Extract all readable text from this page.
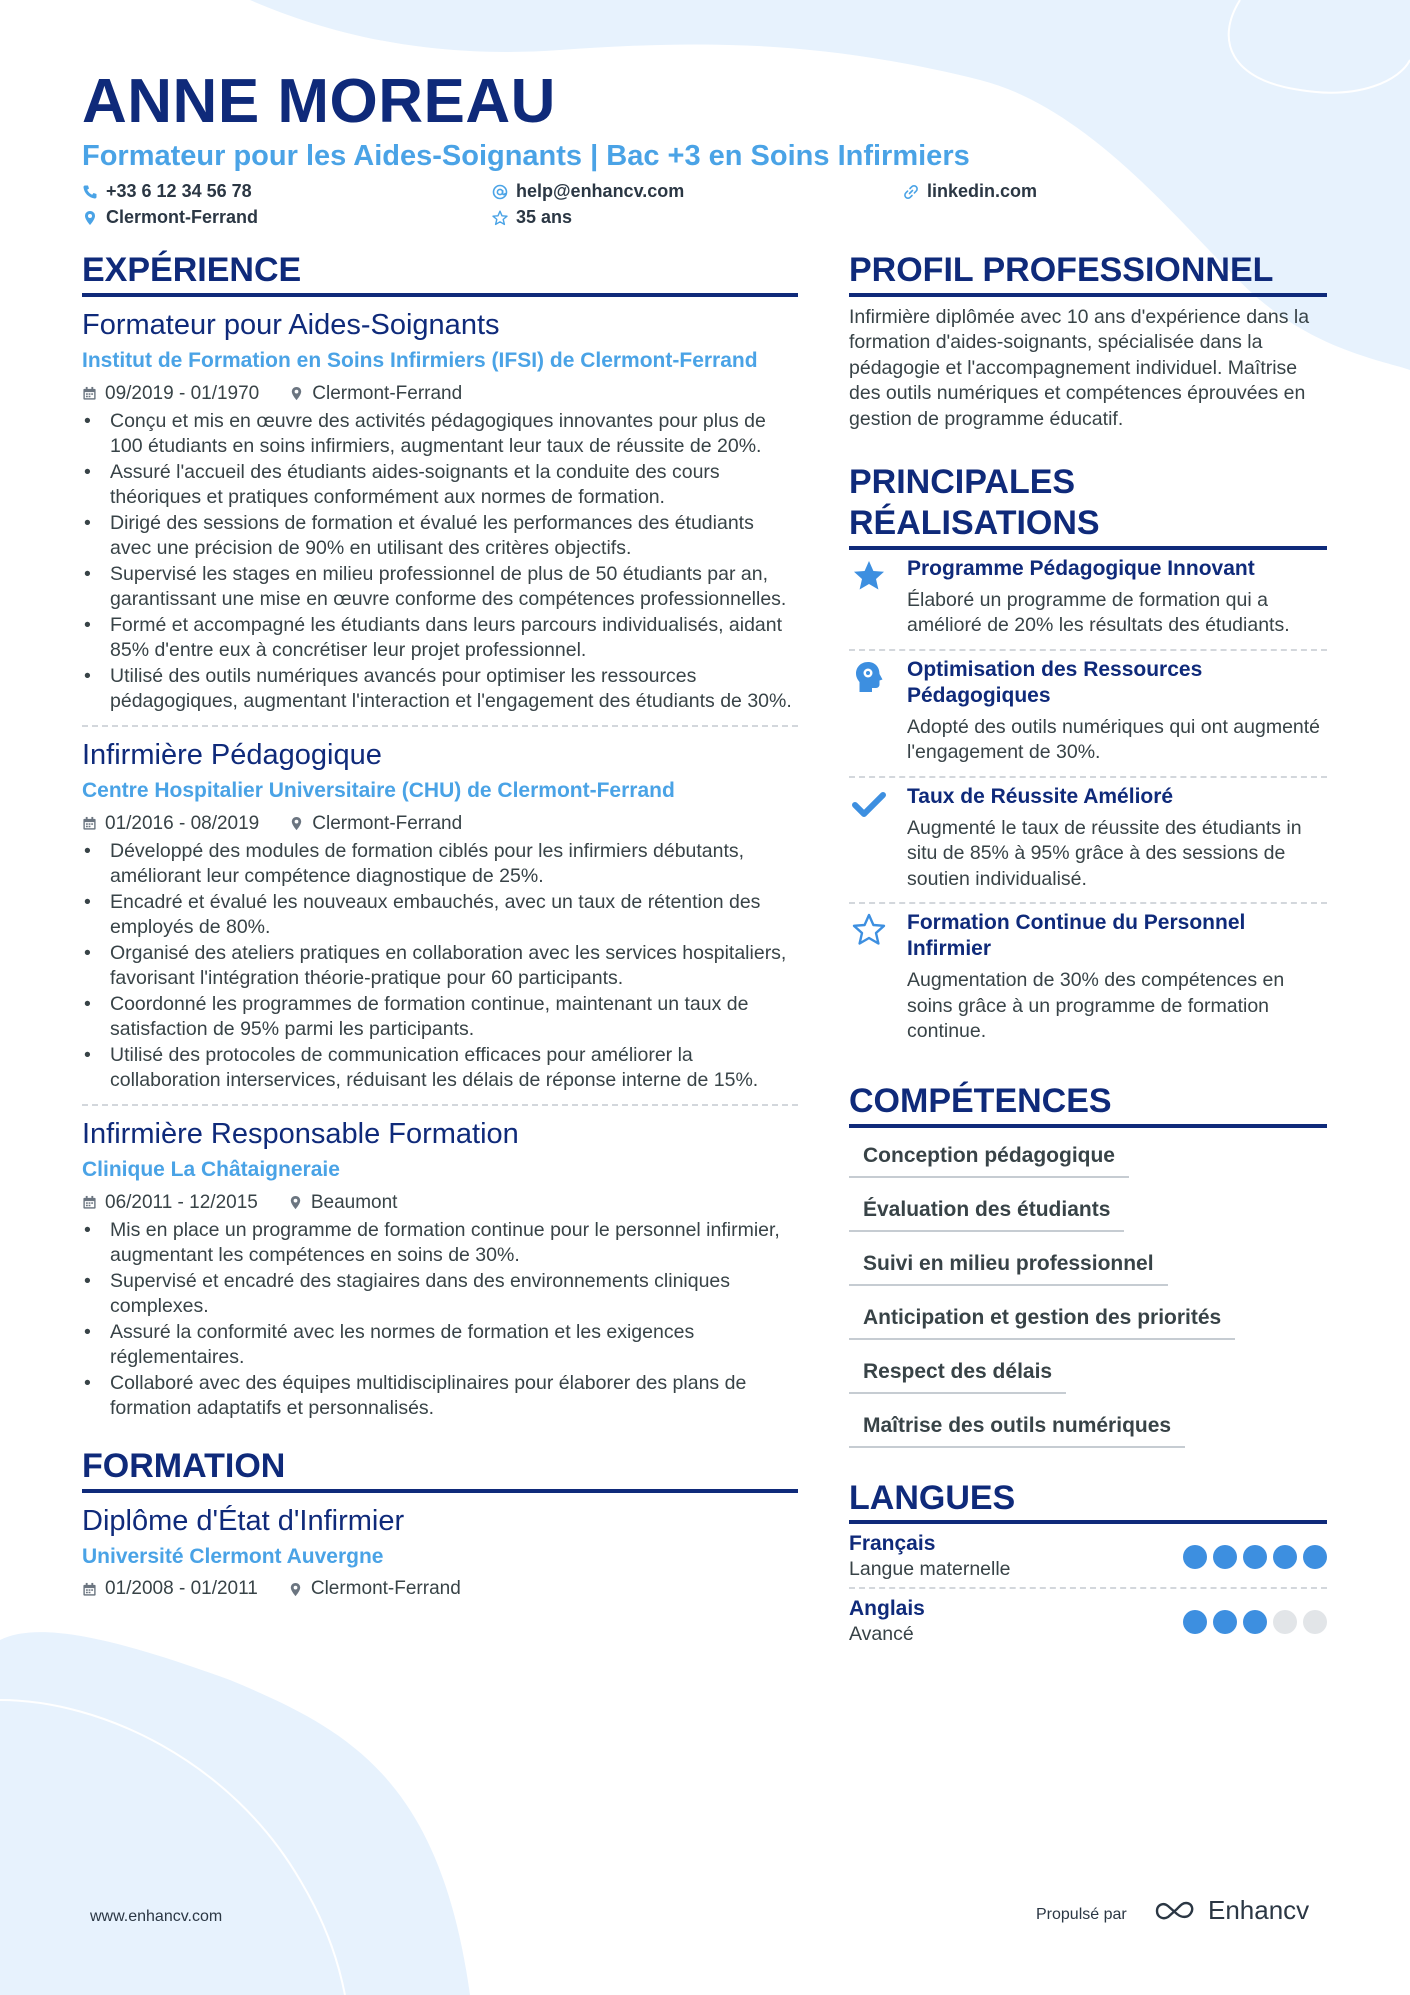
ANNE MOREAU
Formateur pour les Aides-Soignants | Bac +3 en Soins Infirmiers
+33 6 12 34 56 78	help@enhancv.com	linkedin.com
Clermont-Ferrand	35 ans
EXPÉRIENCE
Formateur pour Aides-Soignants
Institut de Formation en Soins Infirmiers (IFSI) de Clermont-Ferrand
09/2019 - 01/1970	Clermont-Ferrand
• Conçu et mis en œuvre des activités pédagogiques innovantes pour plus de 100 étudiants en soins infirmiers, augmentant leur taux de réussite de 20%.
• Assuré l'accueil des étudiants aides-soignants et la conduite des cours théoriques et pratiques conformément aux normes de formation.
• Dirigé des sessions de formation et évalué les performances des étudiants avec une précision de 90% en utilisant des critères objectifs.
• Supervisé les stages en milieu professionnel de plus de 50 étudiants par an, garantissant une mise en œuvre conforme des compétences professionnelles.
• Formé et accompagné les étudiants dans leurs parcours individualisés, aidant 85% d'entre eux à concrétiser leur projet professionnel.
• Utilisé des outils numériques avancés pour optimiser les ressources pédagogiques, augmentant l'interaction et l'engagement des étudiants de 30%.
Infirmière Pédagogique
Centre Hospitalier Universitaire (CHU) de Clermont-Ferrand
01/2016 - 08/2019	Clermont-Ferrand
• Développé des modules de formation ciblés pour les infirmiers débutants, améliorant leur compétence diagnostique de 25%.
• Encadré et évalué les nouveaux embauchés, avec un taux de rétention des employés de 80%.
• Organisé des ateliers pratiques en collaboration avec les services hospitaliers, favorisant l'intégration théorie-pratique pour 60 participants.
• Coordonné les programmes de formation continue, maintenant un taux de satisfaction de 95% parmi les participants.
• Utilisé des protocoles de communication efficaces pour améliorer la collaboration interservices, réduisant les délais de réponse interne de 15%.
Infirmière Responsable Formation
Clinique La Châtaigneraie
06/2011 - 12/2015	Beaumont
• Mis en place un programme de formation continue pour le personnel infirmier, augmentant les compétences en soins de 30%.
• Supervisé et encadré des stagiaires dans des environnements cliniques complexes.
• Assuré la conformité avec les normes de formation et les exigences réglementaires.
• Collaboré avec des équipes multidisciplinaires pour élaborer des plans de formation adaptatifs et personnalisés.
FORMATION
Diplôme d'État d'Infirmier
Université Clermont Auvergne
01/2008 - 01/2011	Clermont-Ferrand
PROFIL PROFESSIONNEL
Infirmière diplômée avec 10 ans d'expérience dans la formation d'aides-soignants, spécialisée dans la pédagogie et l'accompagnement individuel. Maîtrise des outils numériques et compétences éprouvées en gestion de programme éducatif.
PRINCIPALES
RÉALISATIONS
Programme Pédagogique Innovant
Élaboré un programme de formation qui a amélioré de 20% les résultats des étudiants.
Optimisation des Ressources Pédagogiques
Adopté des outils numériques qui ont augmenté l'engagement de 30%.
Taux de Réussite Amélioré
Augmenté le taux de réussite des étudiants in situ de 85% à 95% grâce à des sessions de soutien individualisé.
Formation Continue du Personnel Infirmier
Augmentation de 30% des compétences en soins grâce à un programme de formation continue.
COMPÉTENCES
Conception pédagogique
Évaluation des étudiants
Suivi en milieu professionnel
Anticipation et gestion des priorités
Respect des délais
Maîtrise des outils numériques
LANGUES
Français
Langue maternelle
Anglais
Avancé
www.enhancv.com	Propulsé par	Enhancv
